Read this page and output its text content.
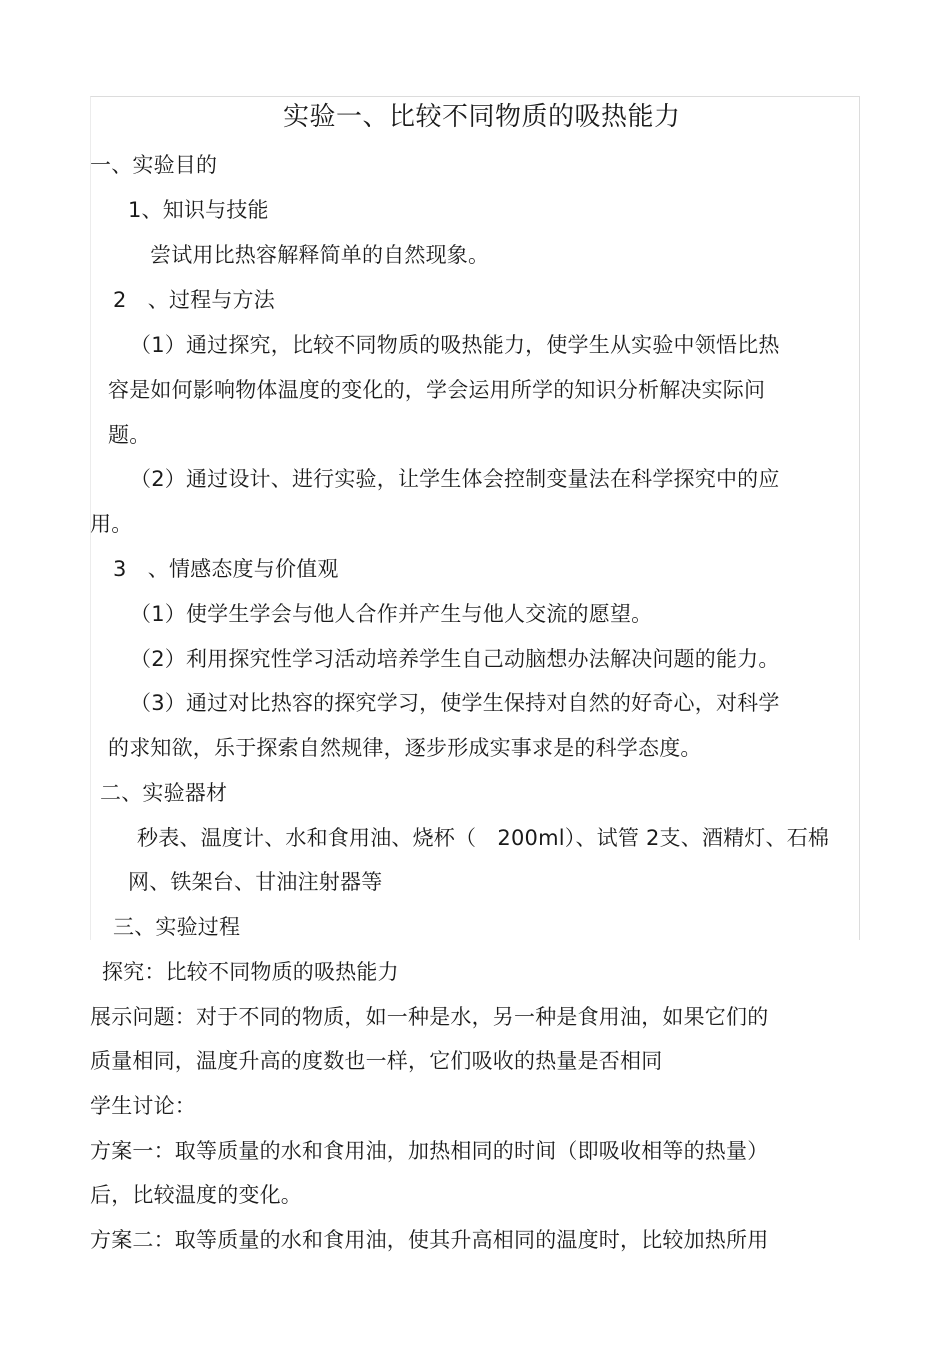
实验一、比较不同物质的吸热能力
一、实验目的
1、知识与技能
尝试用比热容解释简单的自然现象。
2　、过程与方法
（1）通过探究，比较不同物质的吸热能力，使学生从实验中领悟比热
容是如何影响物体温度的变化的，学会运用所学的知识分析解决实际问
题。
（2）通过设计、进行实验，让学生体会控制变量法在科学探究中的应
用。
3　、情感态度与价值观
（1）使学生学会与他人合作并产生与他人交流的愿望。
（2）利用探究性学习活动培养学生自己动脑想办法解决问题的能力。
（3）通过对比热容的探究学习，使学生保持对自然的好奇心，对科学
的求知欲，乐于探索自然规律，逐步形成实事求是的科学态度。
二、实验器材
秒表、温度计、水和食用油、烧杯（　200ml）、试管 2支、酒精灯、石棉
网、铁架台、甘油注射器等
三、实验过程
探究：比较不同物质的吸热能力
展示问题：对于不同的物质，如一种是水，另一种是食用油，如果它们的
质量相同，温度升高的度数也一样，它们吸收的热量是否相同
学生讨论：
方案一：取等质量的水和食用油，加热相同的时间（即吸收相等的热量）
后，比较温度的变化。
方案二：取等质量的水和食用油，使其升高相同的温度时，比较加热所用
